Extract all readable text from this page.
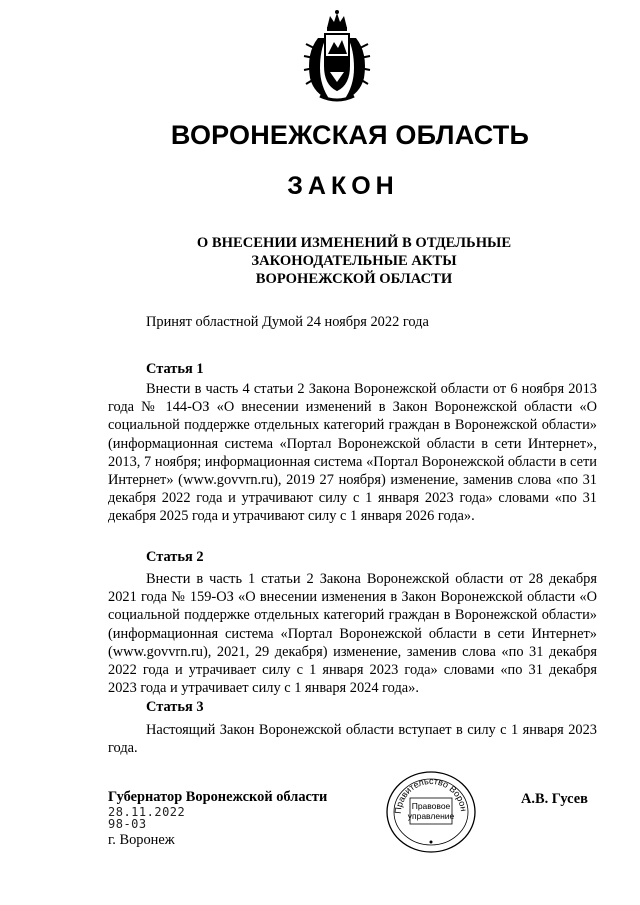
ВОРОНЕЖСКАЯ ОБЛАСТЬ
ЗАКОН
О ВНЕСЕНИИ ИЗМЕНЕНИЙ В ОТДЕЛЬНЫЕ
ЗАКОНОДАТЕЛЬНЫЕ АКТЫ
ВОРОНЕЖСКОЙ ОБЛАСТИ
Принят областной Думой 24 ноября 2022 года
Статья 1
Внести в часть 4 статьи 2 Закона Воронежской области от 6 ноября 2013 года № 144-ОЗ «О внесении изменений в Закон Воронежской области «О социальной поддержке отдельных категорий граждан в Воронежской области» (информационная система «Портал Воронежской области в сети Интернет», 2013, 7 ноября; информационная система «Портал Воронежской области в сети Интернет» (www.govvrn.ru), 2019 27 ноября) изменение, заменив слова «по 31 декабря 2022 года и утрачивают силу с 1 января 2023 года» словами «по 31 декабря 2025 года и утрачивают силу с 1 января 2026 года».
Статья 2
Внести в часть 1 статьи 2 Закона Воронежской области от 28 декабря 2021 года № 159-ОЗ «О внесении изменения в Закон Воронежской области «О социальной поддержке отдельных категорий граждан в Воронежской области» (информационная система «Портал Воронежской области в сети Интернет» (www.govvrn.ru), 2021, 29 декабря) изменение, заменив слова «по 31 декабря 2022 года и утрачивает силу с 1 января 2023 года» словами «по 31 декабря 2023 года и утрачивает силу с 1 января 2024 года».
Статья 3
Настоящий Закон Воронежской области вступает в силу с 1 января 2023 года.
Губернатор Воронежской области
28.11.2022
98-03
г. Воронеж
Правительство Воронежской
Правовое
управление
А.В. Гусев
